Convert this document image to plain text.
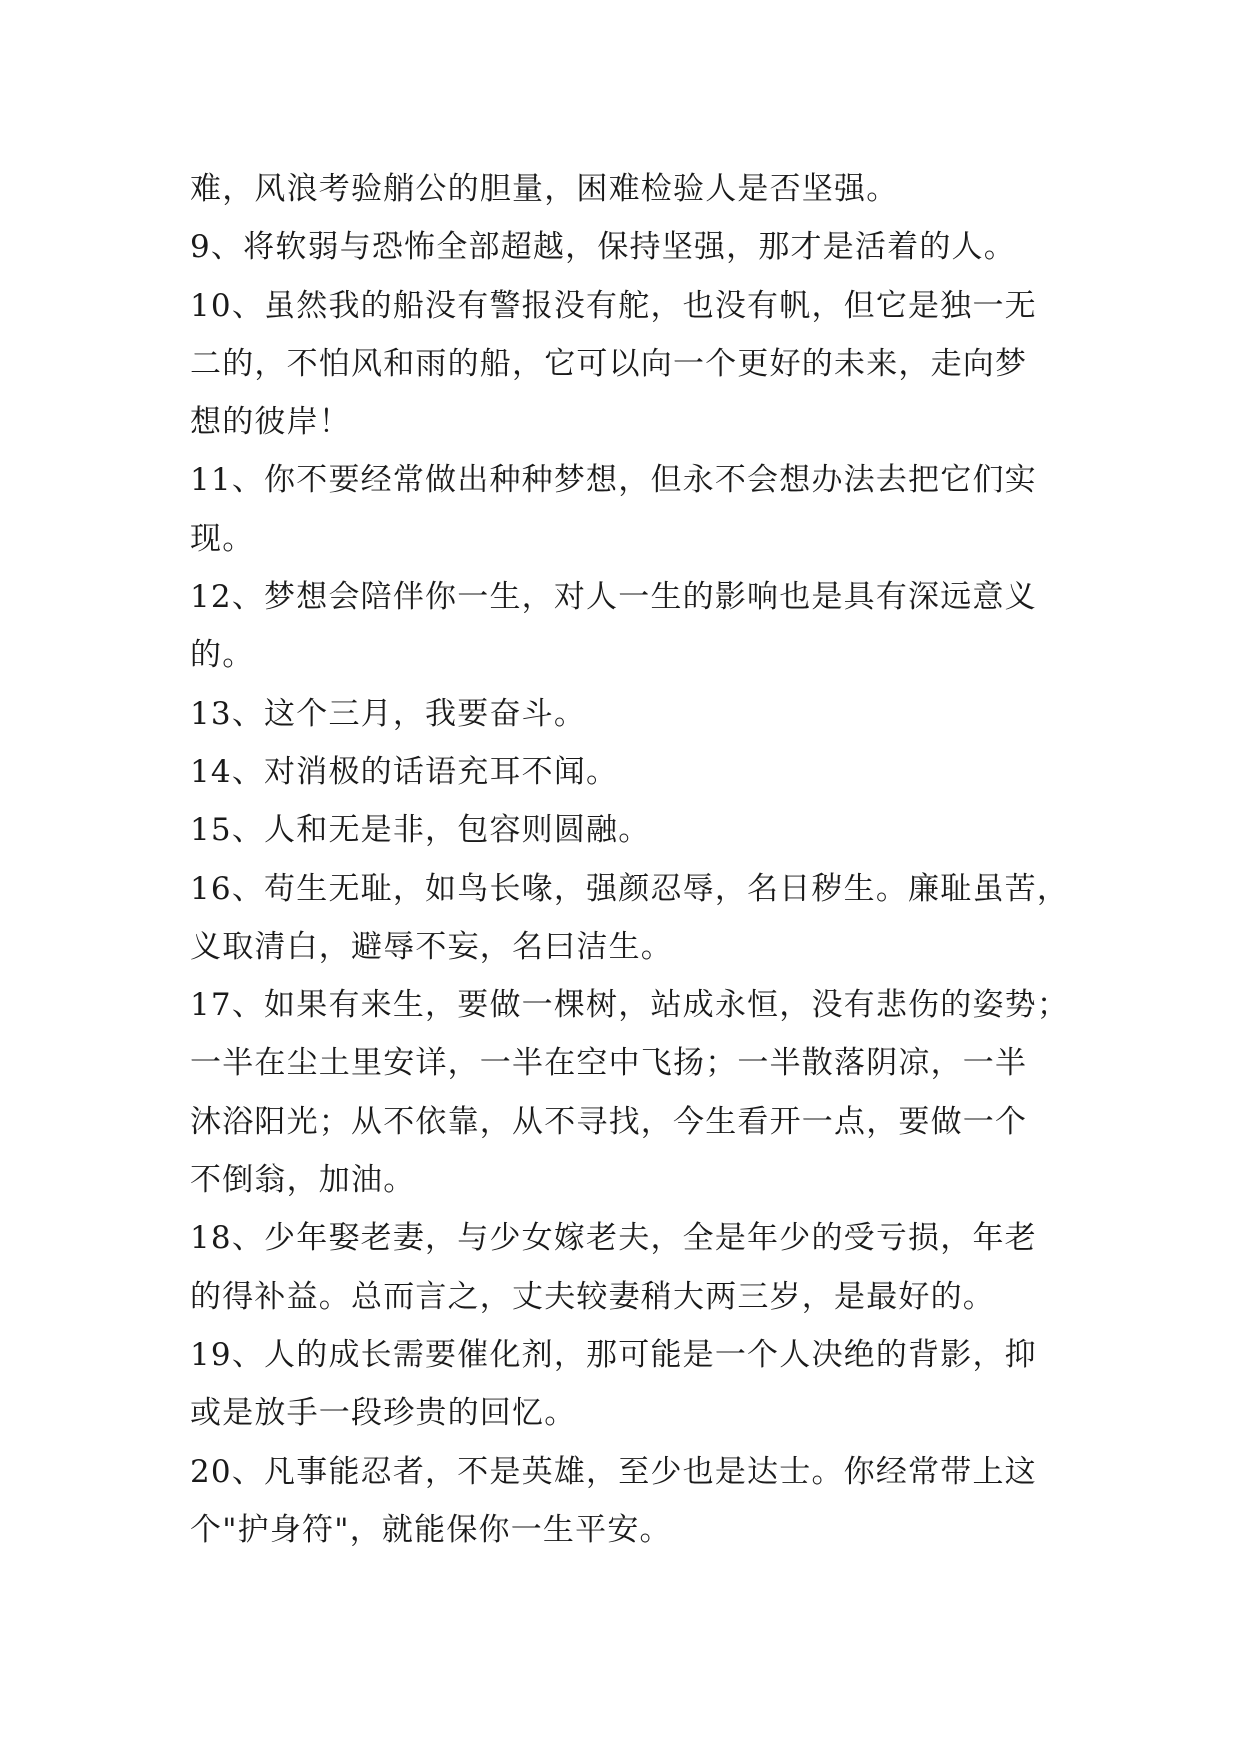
难，风浪考验艄公的胆量，困难检验人是否坚强。
9、将软弱与恐怖全部超越，保持坚强，那才是活着的人。
10、虽然我的船没有警报没有舵，也没有帆，但它是独一无
二的，不怕风和雨的船，它可以向一个更好的未来，走向梦
想的彼岸！
11、你不要经常做出种种梦想，但永不会想办法去把它们实
现。
12、梦想会陪伴你一生，对人一生的影响也是具有深远意义
的。
13、这个三月，我要奋斗。
14、对消极的话语充耳不闻。
15、人和无是非，包容则圆融。
16、苟生无耻，如鸟长喙，强颜忍辱，名日秽生。廉耻虽苦，
义取清白，避辱不妄，名曰洁生。
17、如果有来生，要做一棵树，站成永恒，没有悲伤的姿势；
一半在尘土里安详，一半在空中飞扬；一半散落阴凉，一半
沐浴阳光；从不依靠，从不寻找，今生看开一点，要做一个
不倒翁，加油。
18、少年娶老妻，与少女嫁老夫，全是年少的受亏损，年老
的得补益。总而言之，丈夫较妻稍大两三岁，是最好的。
19、人的成长需要催化剂，那可能是一个人决绝的背影，抑
或是放手一段珍贵的回忆。
20、凡事能忍者，不是英雄，至少也是达士。你经常带上这
个"护身符"，就能保你一生平安。
